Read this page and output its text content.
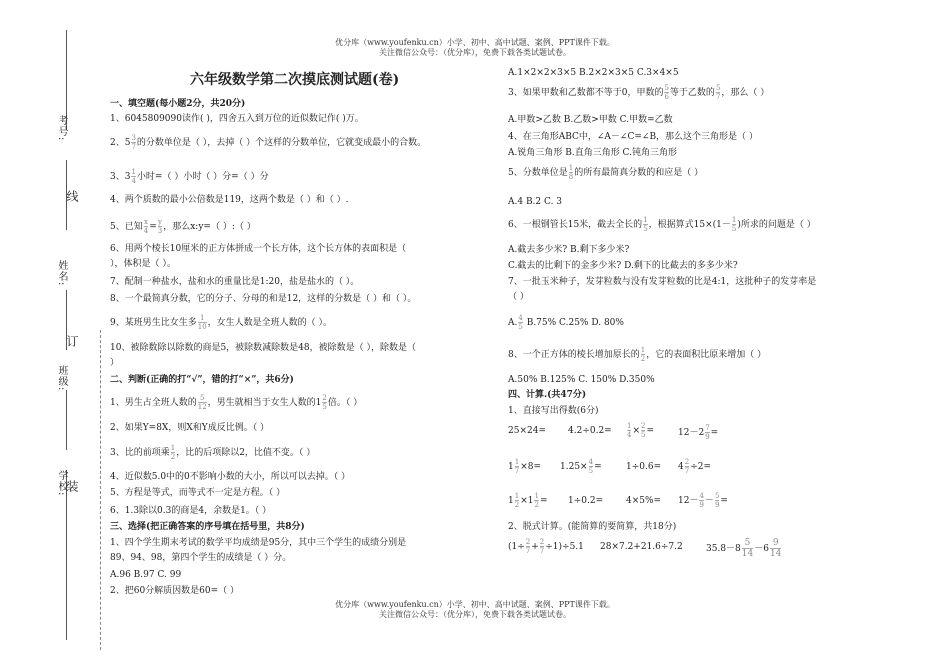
优分库（www.youfenku.cn）小学、初中、高中试题、案例、PPT课件下载。
关注微信公众号：（优分库），免费下载各类试题试卷。
优分库（www.youfenku.cn）小学、初中、高中试题、案例、PPT课件下载。
关注微信公众号：（优分库），免费下载各类试题试卷。
考号:
线
姓名:
订
班级:
学校:
装

六年级数学第二次摸底测试题(卷)

一、填空题(每小题2分，共20分)

1、6045809090读作( )，四舍五入到万位的近似数记作( )万。

2、$5 \frac{3}{7}$ 的分数单位是（ ），去掉（ ）个这样的分数单位，它就变成最小的合数。

3、$3 \frac{1}{4}$ 小时=（ ）小时（ ）分=（ ）分

4、两个质数的最小公倍数是119，这两个数是（ ）和（ ）.

5、已知 $\frac{x}{4} = \frac{y}{3}$ ，那么x:y=（ ）:（ ）

6、用两个棱长10厘米的正方体拼成一个长方体，这个长方体的表面积是（

），体积是（ ）。

7、配制一种盐水，盐和水的重量比是1:20，盐是盐水的（ ）。

8、一个最简真分数，它的分子、分母的和是12，这样的分数是（ ）和（ ）。

9、某班男生比女生多 $\frac{1}{10}$ ，女生人数是全班人数的（ ）。

10、被除数除以除数的商是5，被除数减除数是48，被除数是（ ），除数是（

）

二、判断(正确的打“√”，错的打“×”，共6分)

1、男生占全班人数的 $\frac{5}{12}$ ，男生就相当于女生人数的$1 \frac{2}{5}$ 倍。（ ）

2、如果Y=8X，则X和Y成反比例。（ ）

3、比的前项乘 $\frac{1}{2}$ ，比的后项除以2，比值不变。（ ）

4、近似数5.0中的0不影响小数的大小，所以可以去掉。（ ）

5、方程是等式，而等式不一定是方程。（ ）

6、1.3除以0.3的商是4，余数是1。（ ）

三、选择(把正确答案的序号填在括号里，共8分)

1、四个学生期末考试的数学平均成绩是95分，其中三个学生的成绩分别是

89、94、98，第四个学生的成绩是（ ）分。

A.96 B.97 C. 99

2、把60分解质因数是60=（ ）

A.1×2×2×3×5 B.2×2×3×5 C.3×4×5

3、如果甲数和乙数都不等于0，甲数的 $\frac{5}{6}$ 等于乙数的 $\frac{5}{7}$ ，那么（ ）

A.甲数>乙数 B.乙数>甲数 C.甲数=乙数

4、在三角形ABC中，∠A－∠C=∠B，那么这个三角形是（ ）

A.锐角三角形 B.直角三角形 C.钝角三角形

5、分数单位是 $\frac{1}{8}$ 的所有最简真分数的和应是（ ）

A.4 B.2 C. 3

6、一根钢管长15米，截去全长的 $\frac{1}{5}$ ，根据算式$15\times(1- \frac{1}{5}$ )所求的问题是（ ）

A.截去多少米? B.剩下多少米?

C.截去的比剩下的金多少米? D.剩下的比截去的多多少米?

7、一批玉米种子，发芽粒数与没有发芽粒数的比是4:1，这批种子的发芽率是

（ ）

A. $\frac{4}{5} B.75\%$ C.25% D. 80%

8、一个正方体的棱长增加原长的 $\frac{1}{2}$ ，它的表面积比原来增加（ ）

A.50% B.125% C. 150% D.350%

四、计算.(共47分)

1、直接写出得数(6分)

$25\times 24= 4.2\div 0.2= \frac{1}{4} \times \frac{2}{5}$ =	$12-2 \frac{7}{9}$ =

$1 \frac{1}{7} \times 8= 1.25\times \frac{4}{5}$ =	$1\div 0.6= 4 \frac{2}{7} \div 2=$

$1 \frac{1}{2} \times 1 \frac{1}{2} = 1\div 0.2=$	$4\times 5\%= 12- \frac{4}{9} - \frac{5}{9}$ =

2、脱式计算。(能简算的要简算，共18分)

$(1\div \frac{2}{7} + \frac{2}{7} \div 1)\div 5.1$ 28×7.2+21.6÷7.2	$35.8-8 \frac{5}{14} -6 \frac{9}{14}$
